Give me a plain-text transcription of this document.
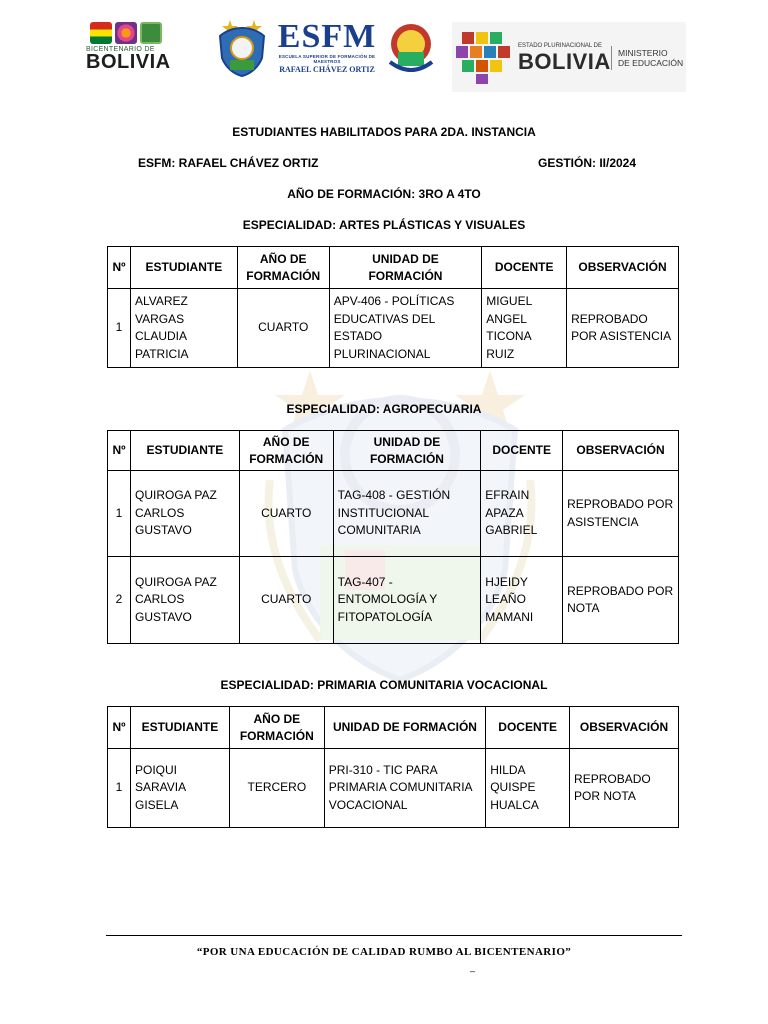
BICENTENARIO DE
BOLIVIA
ESFM
ESCUELA SUPERIOR DE FORMACIÓN DE MAESTROS
RAFAEL CHÁVEZ ORTIZ
ESTADO PLURINACIONAL DE
BOLIVIA MINISTERIO
DE EDUCACIÓN
ESTUDIANTES HABILITADOS PARA 2DA. INSTANCIA
ESFM: RAFAEL CHÁVEZ ORTIZ	GESTIÓN: II/2024
AÑO DE FORMACIÓN: 3RO A 4TO
ESPECIALIDAD: ARTES PLÁSTICAS Y VISUALES
Nº	ESTUDIANTE	AÑO DE FORMACIÓN	UNIDAD DE FORMACIÓN	DOCENTE	OBSERVACIÓN
1	ALVAREZ VARGAS CLAUDIA PATRICIA	CUARTO	APV-406 - POLÍTICAS EDUCATIVAS DEL ESTADO PLURINACIONAL	MIGUEL ANGEL TICONA RUIZ	REPROBADO POR ASISTENCIA
ESPECIALIDAD: AGROPECUARIA
Nº	ESTUDIANTE	AÑO DE FORMACIÓN	UNIDAD DE FORMACIÓN	DOCENTE	OBSERVACIÓN
1	QUIROGA PAZ CARLOS GUSTAVO	CUARTO	TAG-408 - GESTIÓN INSTITUCIONAL COMUNITARIA	EFRAIN APAZA GABRIEL	REPROBADO POR ASISTENCIA
2	QUIROGA PAZ CARLOS GUSTAVO	CUARTO	TAG-407 - ENTOMOLOGÍA Y FITOPATOLOGÍA	HJEIDY LEAÑO MAMANI	REPROBADO POR NOTA
ESPECIALIDAD: PRIMARIA COMUNITARIA VOCACIONAL
Nº	ESTUDIANTE	AÑO DE FORMACIÓN	UNIDAD DE FORMACIÓN	DOCENTE	OBSERVACIÓN
1	POIQUI SARAVIA GISELA	TERCERO	PRI-310 - TIC PARA PRIMARIA COMUNITARIA VOCACIONAL	HILDA QUISPE HUALCA	REPROBADO POR NOTA
“POR UNA EDUCACIÓN DE CALIDAD RUMBO AL BICENTENARIO”
_
